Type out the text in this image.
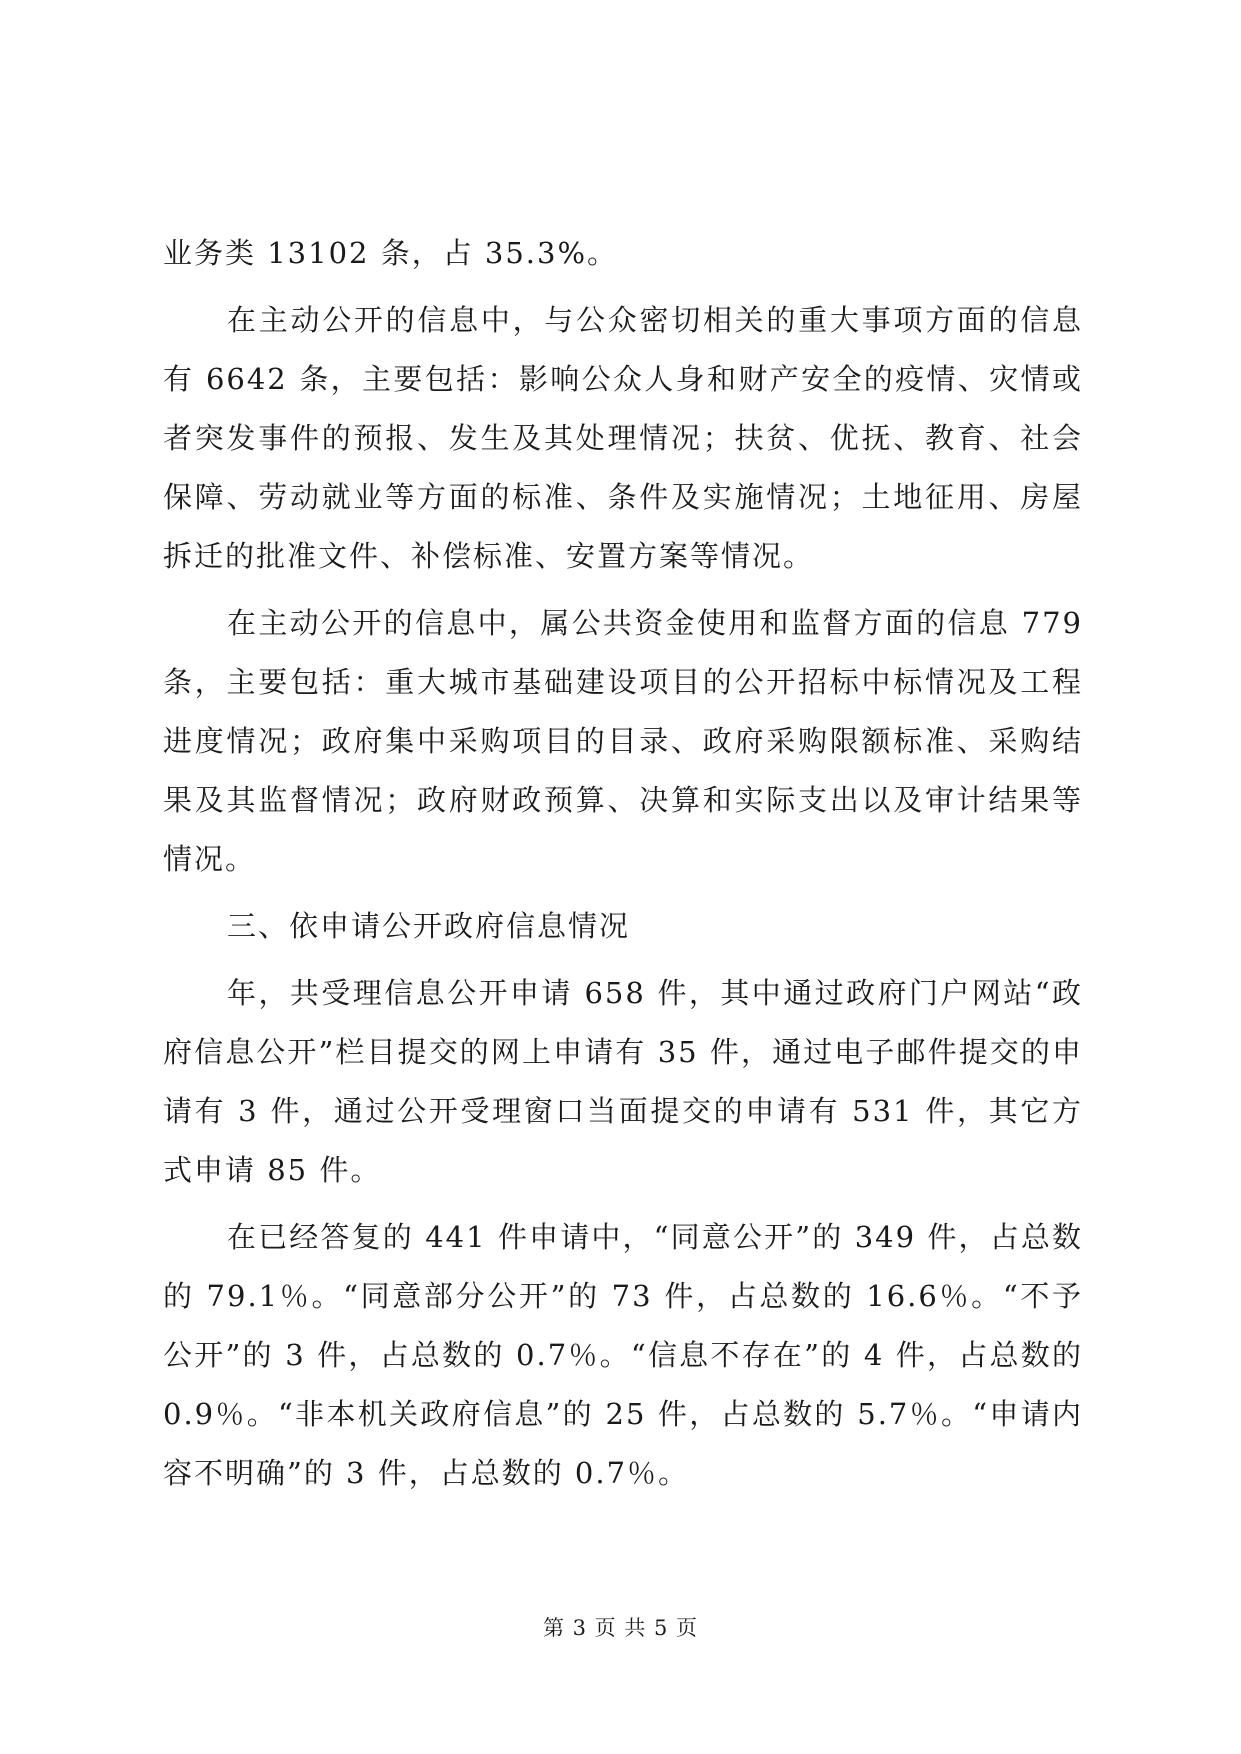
业务类 13102 条，占 35.3%。

在主动公开的信息中，与公众密切相关的重大事项方面的信息有 6642 条，主要包括：影响公众人身和财产安全的疫情、灾情或者突发事件的预报、发生及其处理情况；扶贫、优抚、教育、社会保障、劳动就业等方面的标准、条件及实施情况；土地征用、房屋拆迁的批准文件、补偿标准、安置方案等情况。

在主动公开的信息中，属公共资金使用和监督方面的信息 779 条，主要包括：重大城市基础建设项目的公开招标中标情况及工程进度情况；政府集中采购项目的目录、政府采购限额标准、采购结果及其监督情况；政府财政预算、决算和实际支出以及审计结果等情况。

三、依申请公开政府信息情况

年，共受理信息公开申请 658 件，其中通过政府门户网站“政府信息公开”栏目提交的网上申请有 35 件，通过电子邮件提交的申请有 3 件，通过公开受理窗口当面提交的申请有 531 件，其它方式申请 85 件。

在已经答复的 441 件申请中，“同意公开”的 349 件，占总数的 79.1％。“同意部分公开”的 73 件，占总数的 16.6％。“不予公开”的 3 件，占总数的 0.7％。“信息不存在”的 4 件，占总数的 0.9％。“非本机关政府信息”的 25 件，占总数的 5.7％。“申请内容不明确”的 3 件，占总数的 0.7％。

第 3 页 共 5 页
